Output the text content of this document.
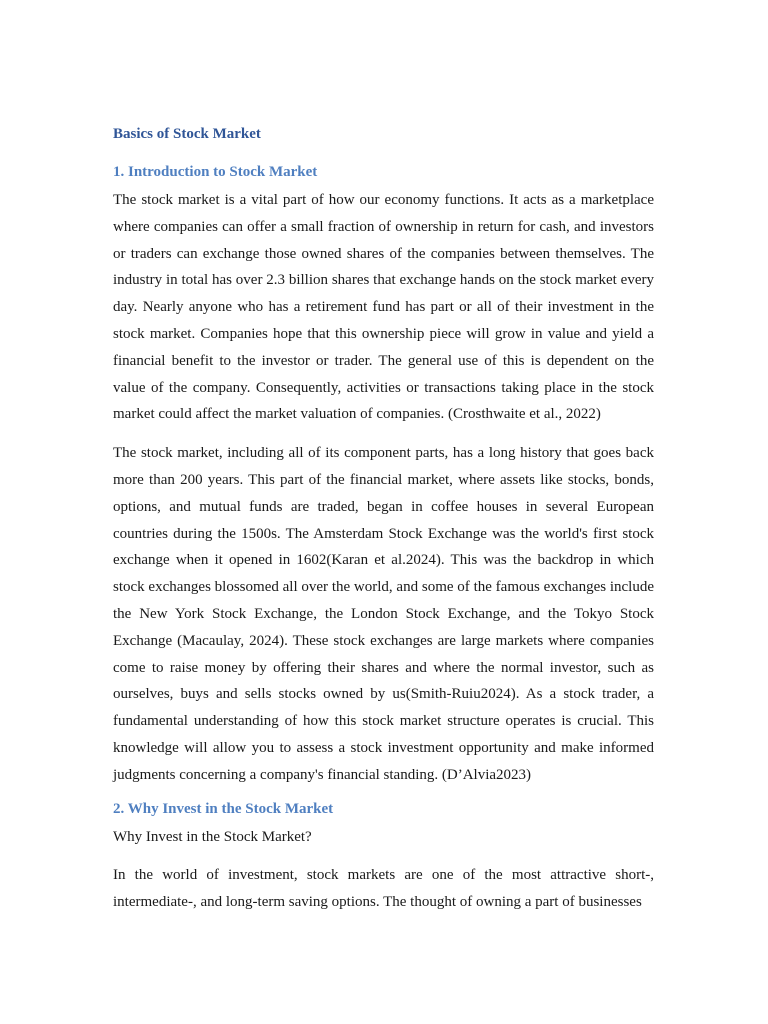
Basics of Stock Market
1. Introduction to Stock Market

The stock market is a vital part of how our economy functions. It acts as a marketplace where companies can offer a small fraction of ownership in return for cash, and investors or traders can exchange those owned shares of the companies between themselves. The industry in total has over 2.3 billion shares that exchange hands on the stock market every day. Nearly anyone who has a retirement fund has part or all of their investment in the stock market. Companies hope that this ownership piece will grow in value and yield a financial benefit to the investor or trader. The general use of this is dependent on the value of the company. Consequently, activities or transactions taking place in the stock market could affect the market valuation of companies. (Crosthwaite et al., 2022)

The stock market, including all of its component parts, has a long history that goes back more than 200 years. This part of the financial market, where assets like stocks, bonds, options, and mutual funds are traded, began in coffee houses in several European countries during the 1500s. The Amsterdam Stock Exchange was the world's first stock exchange when it opened in 1602(Karan et al.2024). This was the backdrop in which stock exchanges blossomed all over the world, and some of the famous exchanges include the New York Stock Exchange, the London Stock Exchange, and the Tokyo Stock Exchange (Macaulay, 2024). These stock exchanges are large markets where companies come to raise money by offering their shares and where the normal investor, such as ourselves, buys and sells stocks owned by us(Smith-Ruiu2024). As a stock trader, a fundamental understanding of how this stock market structure operates is crucial. This knowledge will allow you to assess a stock investment opportunity and make informed judgments concerning a company's financial standing. (D’Alvia2023)

2. Why Invest in the Stock Market
Why Invest in the Stock Market?

In the world of investment, stock markets are one of the most attractive short-, intermediate-, and long-term saving options. The thought of owning a part of businesses
